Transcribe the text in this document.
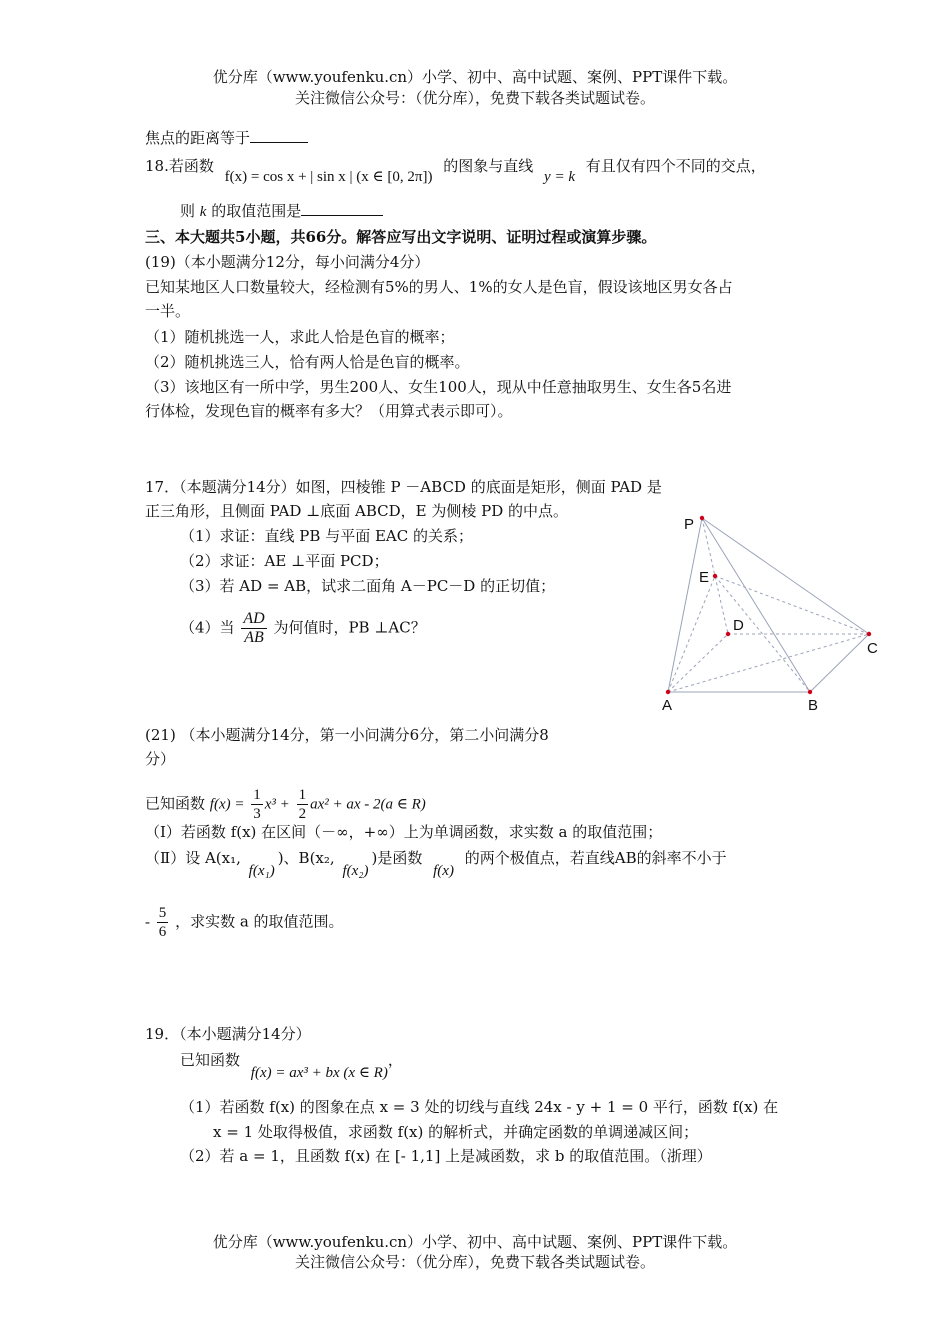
优分库（www.youfenku.cn）小学、初中、高中试题、案例、PPT课件下载。
关注微信公众号：（优分库），免费下载各类试题试卷。
焦点的距离等于
18.若函数 f(x) = cos x + | sin x | (x ∈ [0, 2π]) 的图象与直线 y = k 有且仅有四个不同的交点，
则 k 的取值范围是
三、本大题共5小题，共66分。解答应写出文字说明、证明过程或演算步骤。
(19)（本小题满分12分，每小问满分4分）
已知某地区人口数量较大，经检测有5%的男人、1%的女人是色盲，假设该地区男女各占
一半。
（1）随机挑选一人，求此人恰是色盲的概率；
（2）随机挑选三人，恰有两人恰是色盲的概率。
（3）该地区有一所中学，男生200人、女生100人，现从中任意抽取男生、女生各5名进
行体检，发现色盲的概率有多大？（用算式表示即可）。
17．（本题满分14分）如图，四棱锥 P －ABCD 的底面是矩形，侧面 PAD 是
正三角形，且侧面 PAD ⊥底面 ABCD，E 为侧棱 PD 的中点。
（1）求证：直线 PB 与平面 EAC 的关系；
（2）求证：AE ⊥平面 PCD；
（3）若 AD = AB，试求二面角 A－PC－D 的正切值；
（4）当 $\frac{AD}{AB}$ 为何值时，PB ⊥AC？
P
E
D
C
A	B
(21) （本小题满分14分，第一小问满分6分，第二小问满分8
分）
已知函数 $f(x) = \frac{1}{3} x^3 + \frac{1}{2} ax^2$ + ax - 2(a ∈ R)
（Ⅰ）若函数 f(x) 在区间（－∞，+∞）上为单调函数，求实数 a 的取值范围；
（Ⅱ）设 A(x₁, f(x₁))、B(x₂, f(x₂))是函数 f(x) 的两个极值点，若直线AB的斜率不小于
- $\frac{5}{6}$ ，求实数 a 的取值范围。
19．（本小题满分14分）
已知函数 f(x) = ax³ + bx (x ∈ R)，
（1）若函数 f(x) 的图象在点 x = 3 处的切线与直线 24x - y + 1 = 0 平行，函数 f(x) 在
x = 1 处取得极值，求函数 f(x) 的解析式，并确定函数的单调递减区间；
（2）若 a = 1，且函数 f(x) 在 [- 1,1] 上是减函数，求 b 的取值范围。（浙理）
优分库（www.youfenku.cn）小学、初中、高中试题、案例、PPT课件下载。
关注微信公众号：（优分库），免费下载各类试题试卷。
